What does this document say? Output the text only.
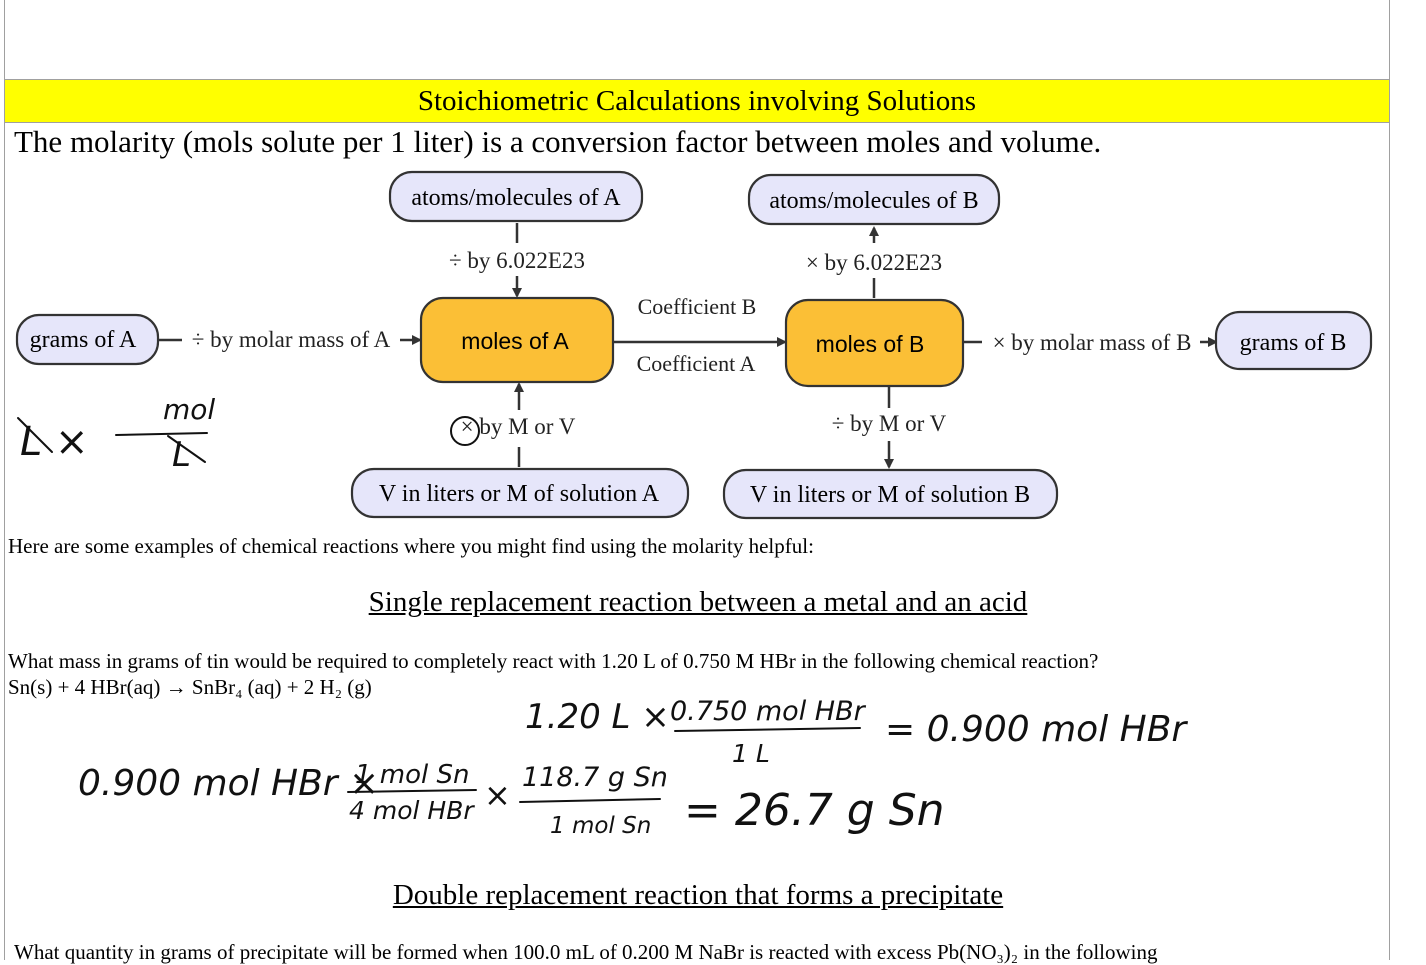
Stoichiometric Calculations involving Solutions
The molarity (mols solute per 1 liter) is a conversion factor between moles and volume.
atoms/molecules of A	atoms/molecules of B
grams of A	grams of B
moles of A	moles of B
V in liters or M of solution A	V in liters or M of solution B
÷ by 6.022E23	× by 6.022E23
Coefficient B
Coefficient A
÷ by molar mass of A	× by molar mass of B
× by M or V	÷ by M or V
L ×
mol
L
1.20 L × 0.750 mol HBr
1 L
= 0.900 mol HBr
0.900 mol HBr ×
1 mol Sn
4 mol HBr × 118.7 g Sn
1 mol Sn = 26.7 g Sn
Here are some examples of chemical reactions where you might find using the molarity helpful:
Single replacement reaction between a metal and an acid
What mass in grams of tin would be required to completely react with 1.20 L of 0.750 M HBr in the following chemical reaction?
Sn(s) + 4 HBr(aq) → SnBr₄ (aq) + 2 H₂ (g)
Double replacement reaction that forms a precipitate
What quantity in grams of precipitate will be formed when 100.0 mL of 0.200 M NaBr is reacted with excess Pb(NO₃)₂ in the following
